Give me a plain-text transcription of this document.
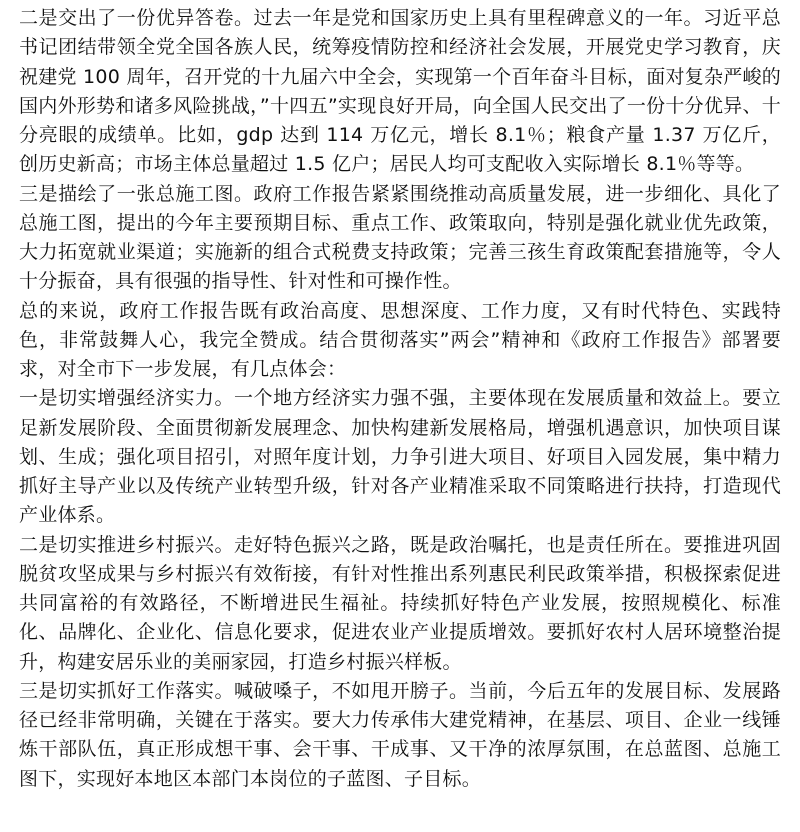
二是交出了一份优异答卷。过去一年是党和国家历史上具有里程碑意义的一年。习近平总书记团结带领全党全国各族人民，统筹疫情防控和经济社会发展，开展党史学习教育，庆祝建党 100 周年，召开党的十九届六中全会，实现第一个百年奋斗目标，面对复杂严峻的国内外形势和诸多风险挑战，”十四五”实现良好开局，向全国人民交出了一份十分优异、十分亮眼的成绩单。比如，gdp 达到 114 万亿元，增长 8.1％；粮食产量 1.37 万亿斤，创历史新高；市场主体总量超过 1.5 亿户；居民人均可支配收入实际增长 8.1％等等。

三是描绘了一张总施工图。政府工作报告紧紧围绕推动高质量发展，进一步细化、具化了总施工图，提出的今年主要预期目标、重点工作、政策取向，特别是强化就业优先政策，大力拓宽就业渠道；实施新的组合式税费支持政策；完善三孩生育政策配套措施等，令人十分振奋，具有很强的指导性、针对性和可操作性。

总的来说，政府工作报告既有政治高度、思想深度、工作力度，又有时代特色、实践特色，非常鼓舞人心，我完全赞成。结合贯彻落实”两会”精神和《政府工作报告》部署要求，对全市下一步发展，有几点体会：

一是切实增强经济实力。一个地方经济实力强不强，主要体现在发展质量和效益上。要立足新发展阶段、全面贯彻新发展理念、加快构建新发展格局，增强机遇意识，加快项目谋划、生成；强化项目招引，对照年度计划，力争引进大项目、好项目入园发展，集中精力抓好主导产业以及传统产业转型升级，针对各产业精准采取不同策略进行扶持，打造现代产业体系。

二是切实推进乡村振兴。走好特色振兴之路，既是政治嘱托，也是责任所在。要推进巩固脱贫攻坚成果与乡村振兴有效衔接，有针对性推出系列惠民利民政策举措，积极探索促进共同富裕的有效路径，不断增进民生福祉。持续抓好特色产业发展，按照规模化、标准化、品牌化、企业化、信息化要求，促进农业产业提质增效。要抓好农村人居环境整治提升，构建安居乐业的美丽家园，打造乡村振兴样板。

三是切实抓好工作落实。喊破嗓子，不如甩开膀子。当前，今后五年的发展目标、发展路径已经非常明确，关键在于落实。要大力传承伟大建党精神，在基层、项目、企业一线锤炼干部队伍，真正形成想干事、会干事、干成事、又干净的浓厚氛围，在总蓝图、总施工图下，实现好本地区本部门本岗位的子蓝图、子目标。
